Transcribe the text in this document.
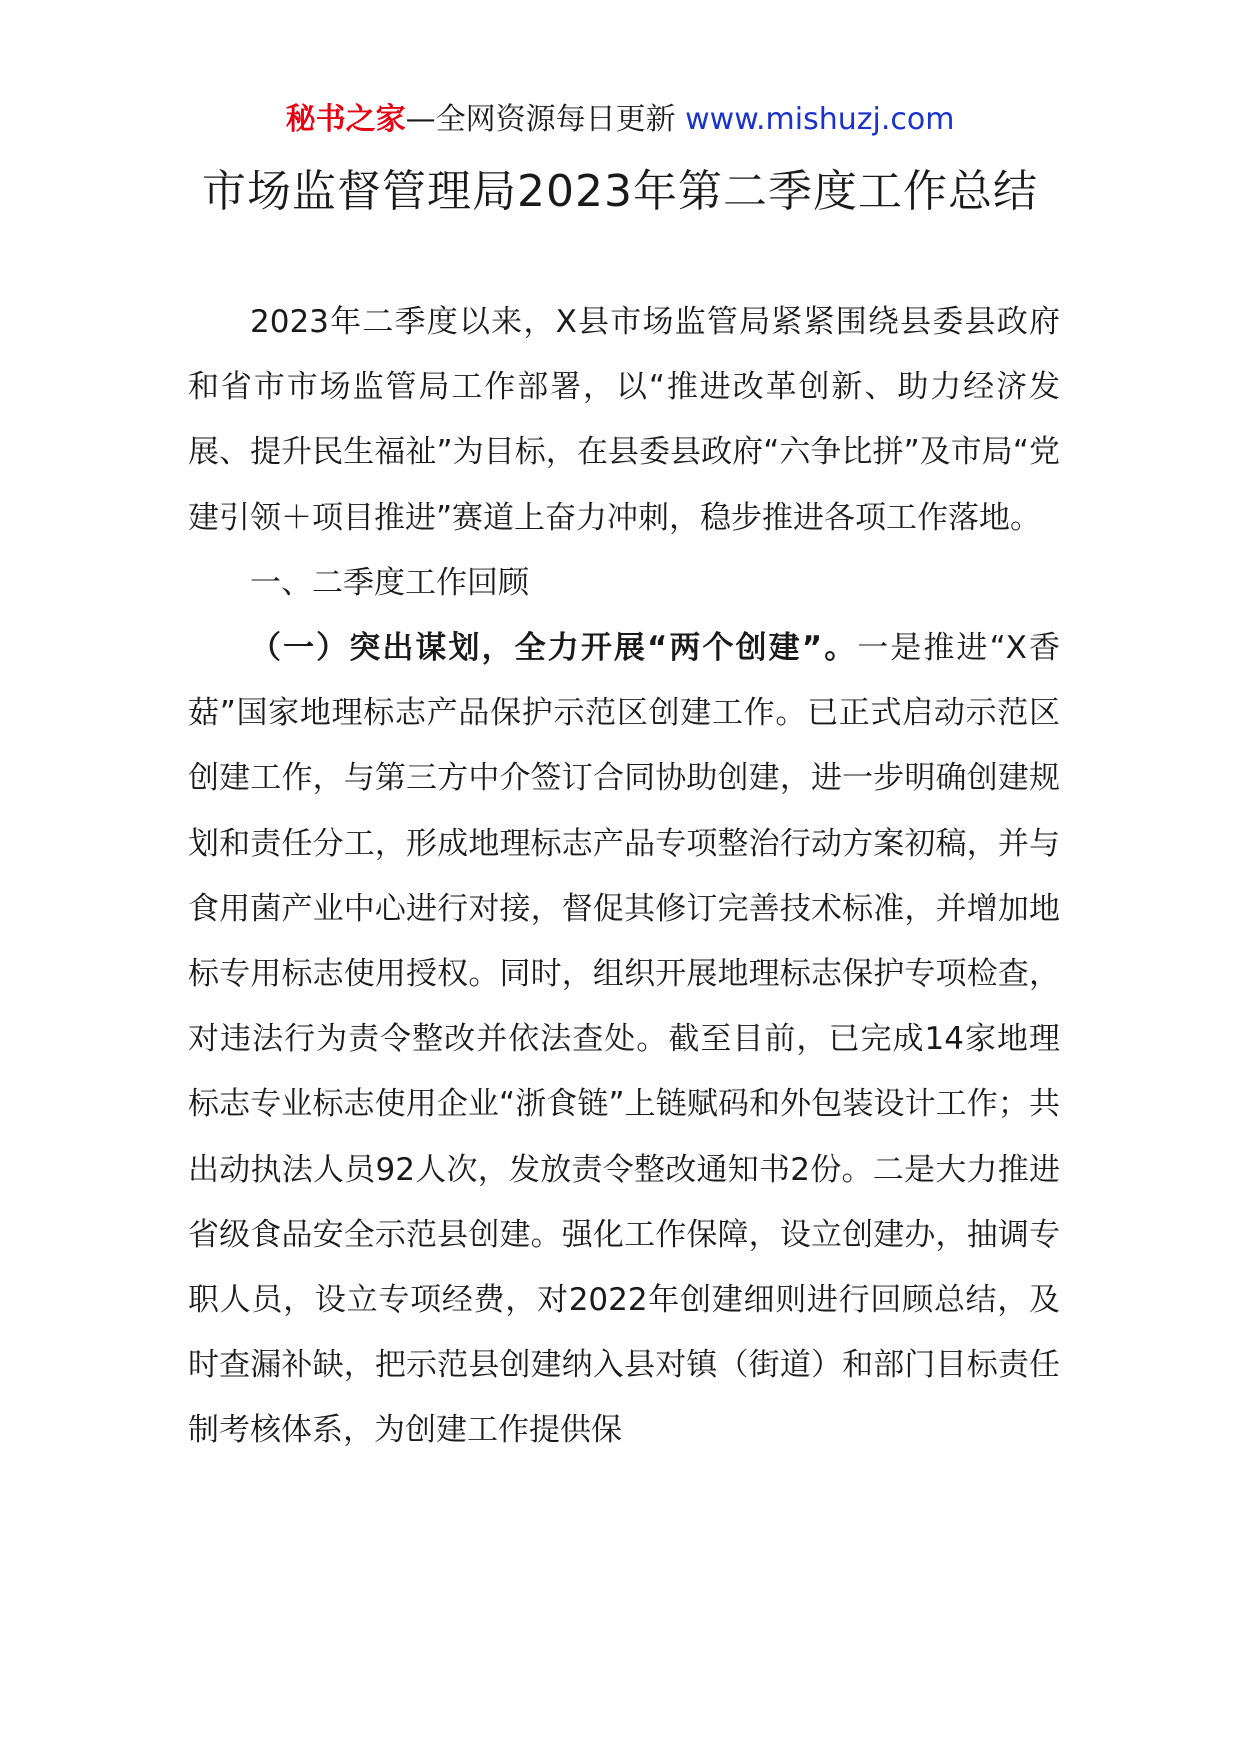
秘书之家—全网资源每日更新 www.mishuzj.com
市场监督管理局2023年第二季度工作总结

2023年二季度以来，X县市场监管局紧紧围绕县委县政府和省市市场监管局工作部署，以“推进改革创新、助力经济发展、提升民生福祉”为目标，在县委县政府“六争比拼”及市局“党建引领＋项目推进”赛道上奋力冲刺，稳步推进各项工作落地。

一、二季度工作回顾

（一）突出谋划，全力开展“两个创建”。一是推进“X香菇”国家地理标志产品保护示范区创建工作。已正式启动示范区创建工作，与第三方中介签订合同协助创建，进一步明确创建规划和责任分工，形成地理标志产品专项整治行动方案初稿，并与食用菌产业中心进行对接，督促其修订完善技术标准，并增加地标专用标志使用授权。同时，组织开展地理标志保护专项检查，对违法行为责令整改并依法查处。截至目前，已完成14家地理标志专业标志使用企业“浙食链”上链赋码和外包装设计工作；共出动执法人员92人次，发放责令整改通知书2份。二是大力推进省级食品安全示范县创建。强化工作保障，设立创建办，抽调专职人员，设立专项经费，对2022年创建细则进行回顾总结，及时查漏补缺，把示范县创建纳入县对镇（街道）和部门目标责任制考核体系，为创建工作提供保
